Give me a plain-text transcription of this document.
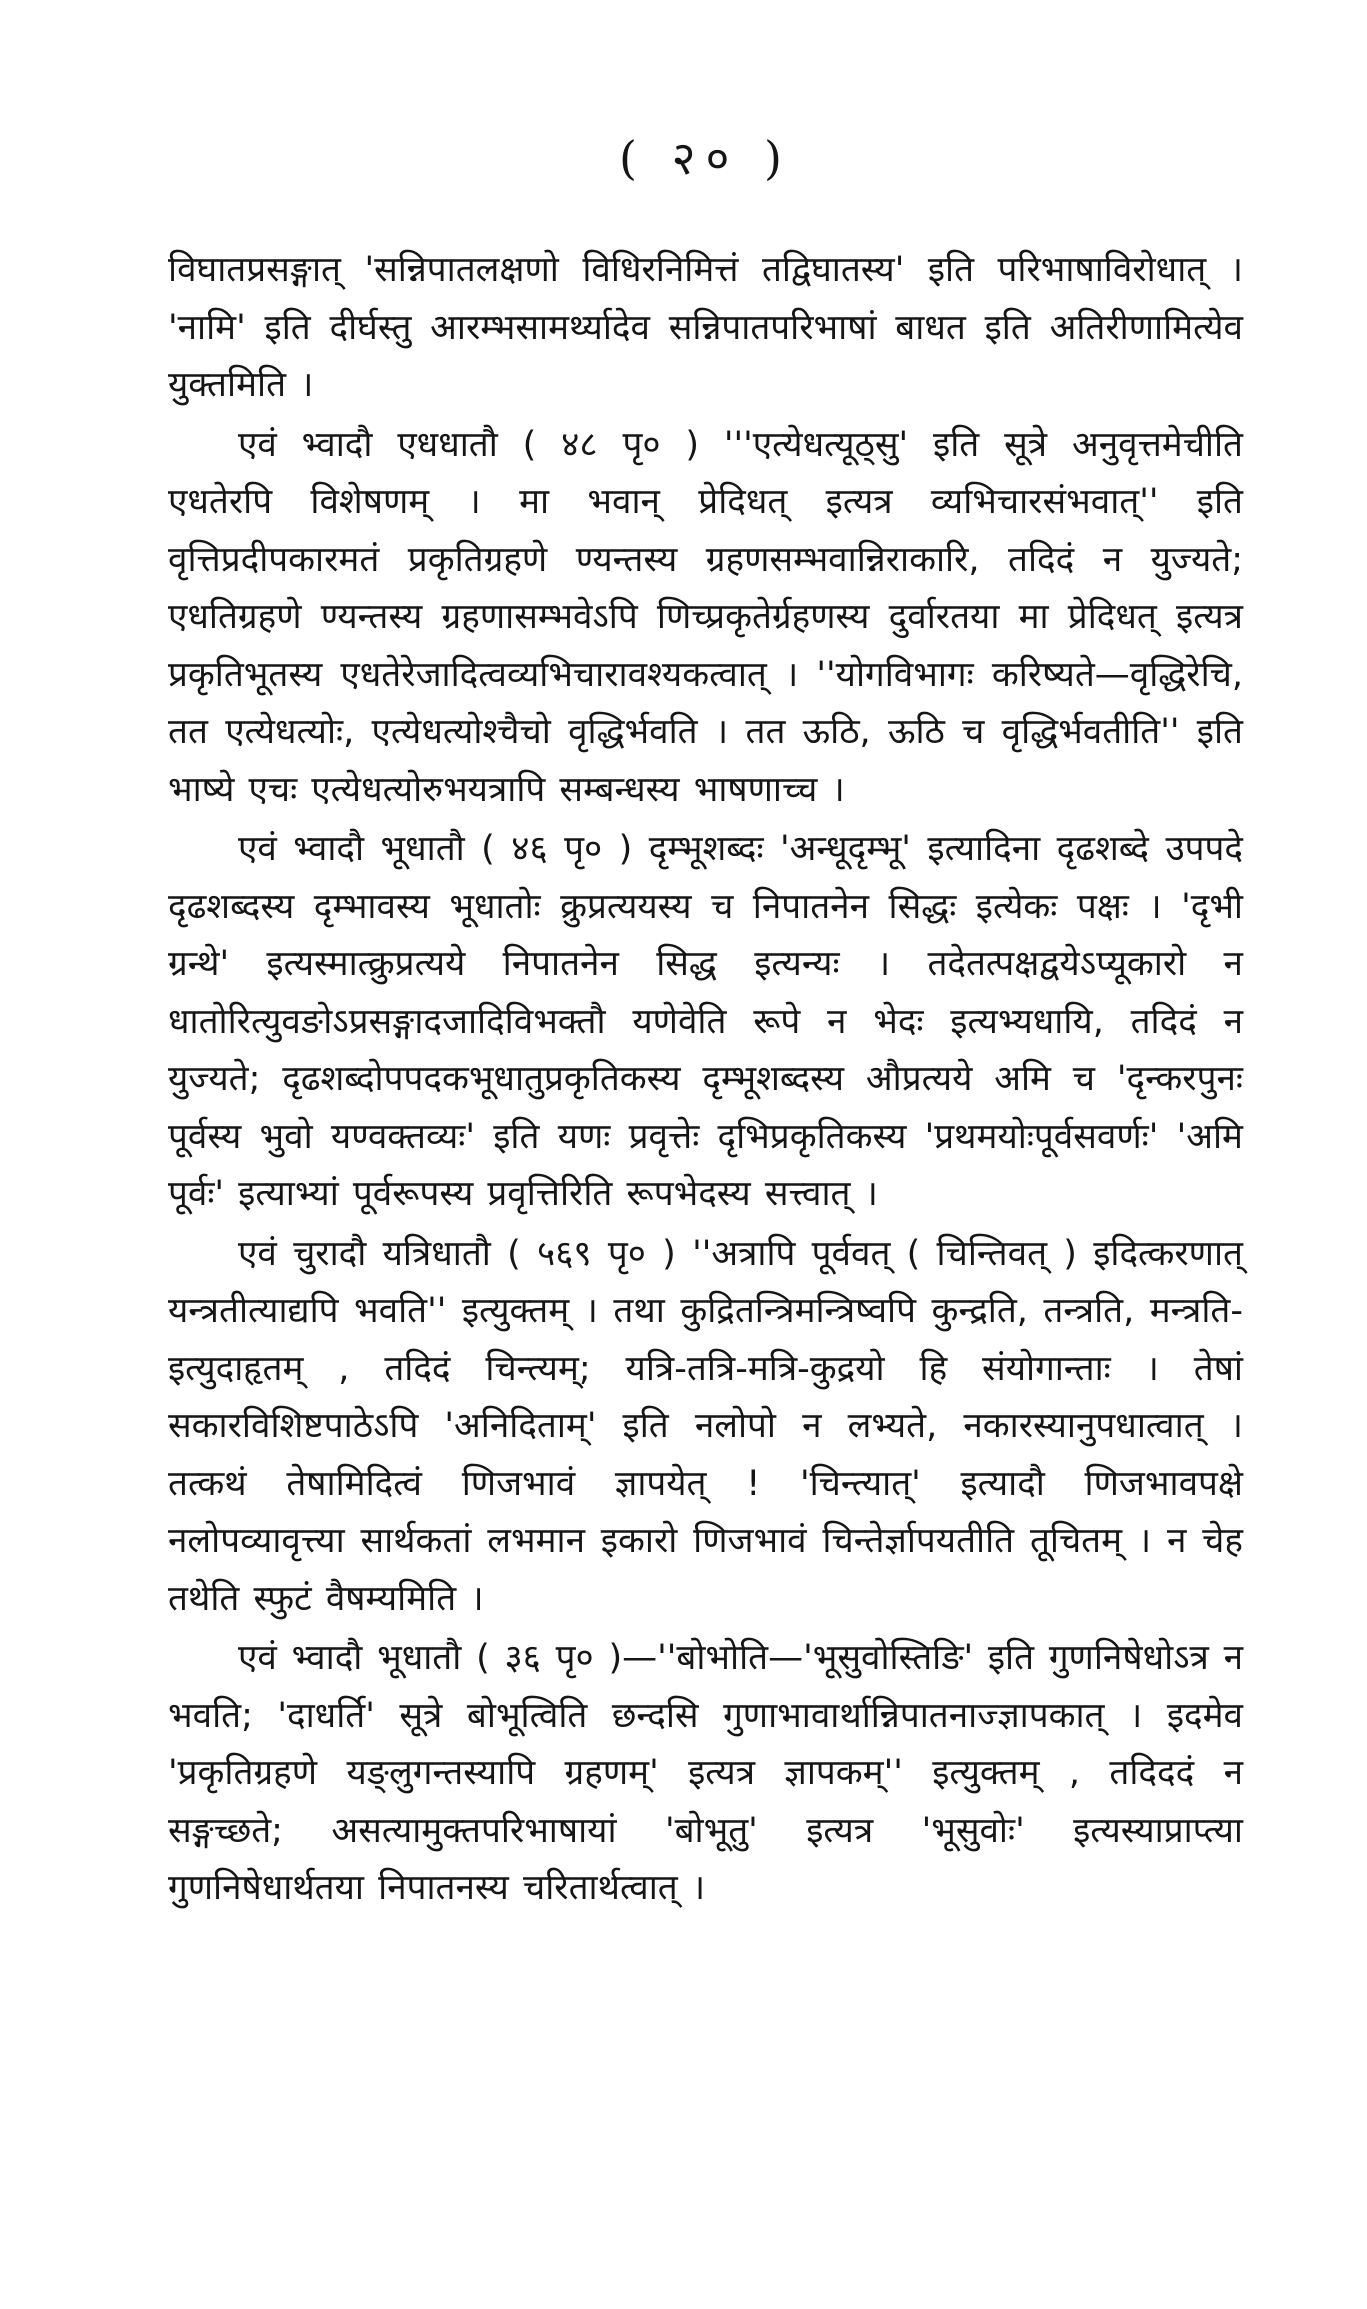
( २० )

विघातप्रसङ्गात् 'सन्निपातलक्षणो विधिरनिमित्तं तद्विघातस्य' इति परिभाषाविरोधात् । 'नामि' इति दीर्घस्तु आरम्भसामर्थ्यादेव सन्निपातपरिभाषां बाधत इति अतिरीणामित्येव युक्तमिति ।

एवं भ्वादौ एधधातौ ( ४८ पृ० ) '''एत्येधत्यूठ्सु' इति सूत्रे अनुवृत्तमेचीति एधतेरपि विशेषणम् । मा भवान् प्रेदिधत् इत्यत्र व्यभिचारसंभवात्'' इति वृत्तिप्रदीपकारमतं प्रकृतिग्रहणे ण्यन्तस्य ग्रहणसम्भवान्निराकारि, तदिदं न युज्यते; एधतिग्रहणे ण्यन्तस्य ग्रहणासम्भवेऽपि णिच्प्रकृतेर्ग्रहणस्य दुर्वारतया मा प्रेदिधत् इत्यत्र प्रकृतिभूतस्य एधतेरेजादित्वव्यभिचारावश्यकत्वात् । ''योगविभागः करिष्यते—वृद्धिरेचि, तत एत्येधत्योः, एत्येधत्योश्चैचो वृद्धिर्भवति । तत ऊठि, ऊठि च वृद्धिर्भवतीति'' इति भाष्ये एचः एत्येधत्योरुभयत्रापि सम्बन्धस्य भाषणाच्च ।

एवं भ्वादौ भूधातौ ( ४६ पृ० ) दृम्भूशब्दः 'अन्धूदृम्भू' इत्यादिना दृढशब्दे उपपदे दृढशब्दस्य दृम्भावस्य भूधातोः क्रुप्रत्ययस्य च निपातनेन सिद्धः इत्येकः पक्षः । 'दृभी ग्रन्थे' इत्यस्मात्क्रुप्रत्यये निपातनेन सिद्ध इत्यन्यः । तदेतत्पक्षद्वयेऽप्यूकारो न धातोरित्युवङोऽप्रसङ्गादजादिविभक्तौ यणेवेति रूपे न भेदः इत्यभ्यधायि, तदिदं न युज्यते; दृढशब्दोपपदकभूधातुप्रकृतिकस्य दृम्भूशब्दस्य औप्रत्यये अमि च 'दृन्करपुनः पूर्वस्य भुवो यण्वक्तव्यः' इति यणः प्रवृत्तेः दृभिप्रकृतिकस्य 'प्रथमयोःपूर्वसवर्णः' 'अमि पूर्वः' इत्याभ्यां पूर्वरूपस्य प्रवृत्तिरिति रूपभेदस्य सत्त्वात् ।

एवं चुरादौ यत्रिधातौ ( ५६९ पृ० ) ''अत्रापि पूर्ववत् ( चिन्तिवत् ) इदित्करणात् यन्त्रतीत्याद्यपि भवति'' इत्युक्तम् । तथा कुद्रितन्त्रिमन्त्रिष्वपि कुन्द्रति, तन्त्रति, मन्त्रति-इत्युदाहृतम् , तदिदं चिन्त्यम्; यत्रि-तत्रि-मत्रि-कुद्रयो हि संयोगान्ताः । तेषां सकारविशिष्टपाठेऽपि 'अनिदिताम्' इति नलोपो न लभ्यते, नकारस्यानुपधात्वात् । तत्कथं तेषामिदित्वं णिजभावं ज्ञापयेत् ! 'चिन्त्यात्' इत्यादौ णिजभावपक्षे नलोपव्यावृत्त्या सार्थकतां लभमान इकारो णिजभावं चिन्तेर्ज्ञापयतीति तूचितम् । न चेह तथेति स्फुटं वैषम्यमिति ।

एवं भ्वादौ भूधातौ ( ३६ पृ० )—''बोभोति—'भूसुवोस्तिङि' इति गुणनिषेधोऽत्र न भवति; 'दाधर्ति' सूत्रे बोभूत्विति छन्दसि गुणाभावार्थान्निपातनाज्ज्ञापकात् । इदमेव 'प्रकृतिग्रहणे यङ्लुगन्तस्यापि ग्रहणम्' इत्यत्र ज्ञापकम्'' इत्युक्तम् , तदिददं न सङ्गच्छते; असत्यामुक्तपरिभाषायां 'बोभूतु' इत्यत्र 'भूसुवोः' इत्यस्याप्राप्त्या गुणनिषेधार्थतया निपातनस्य चरितार्थत्वात् ।
